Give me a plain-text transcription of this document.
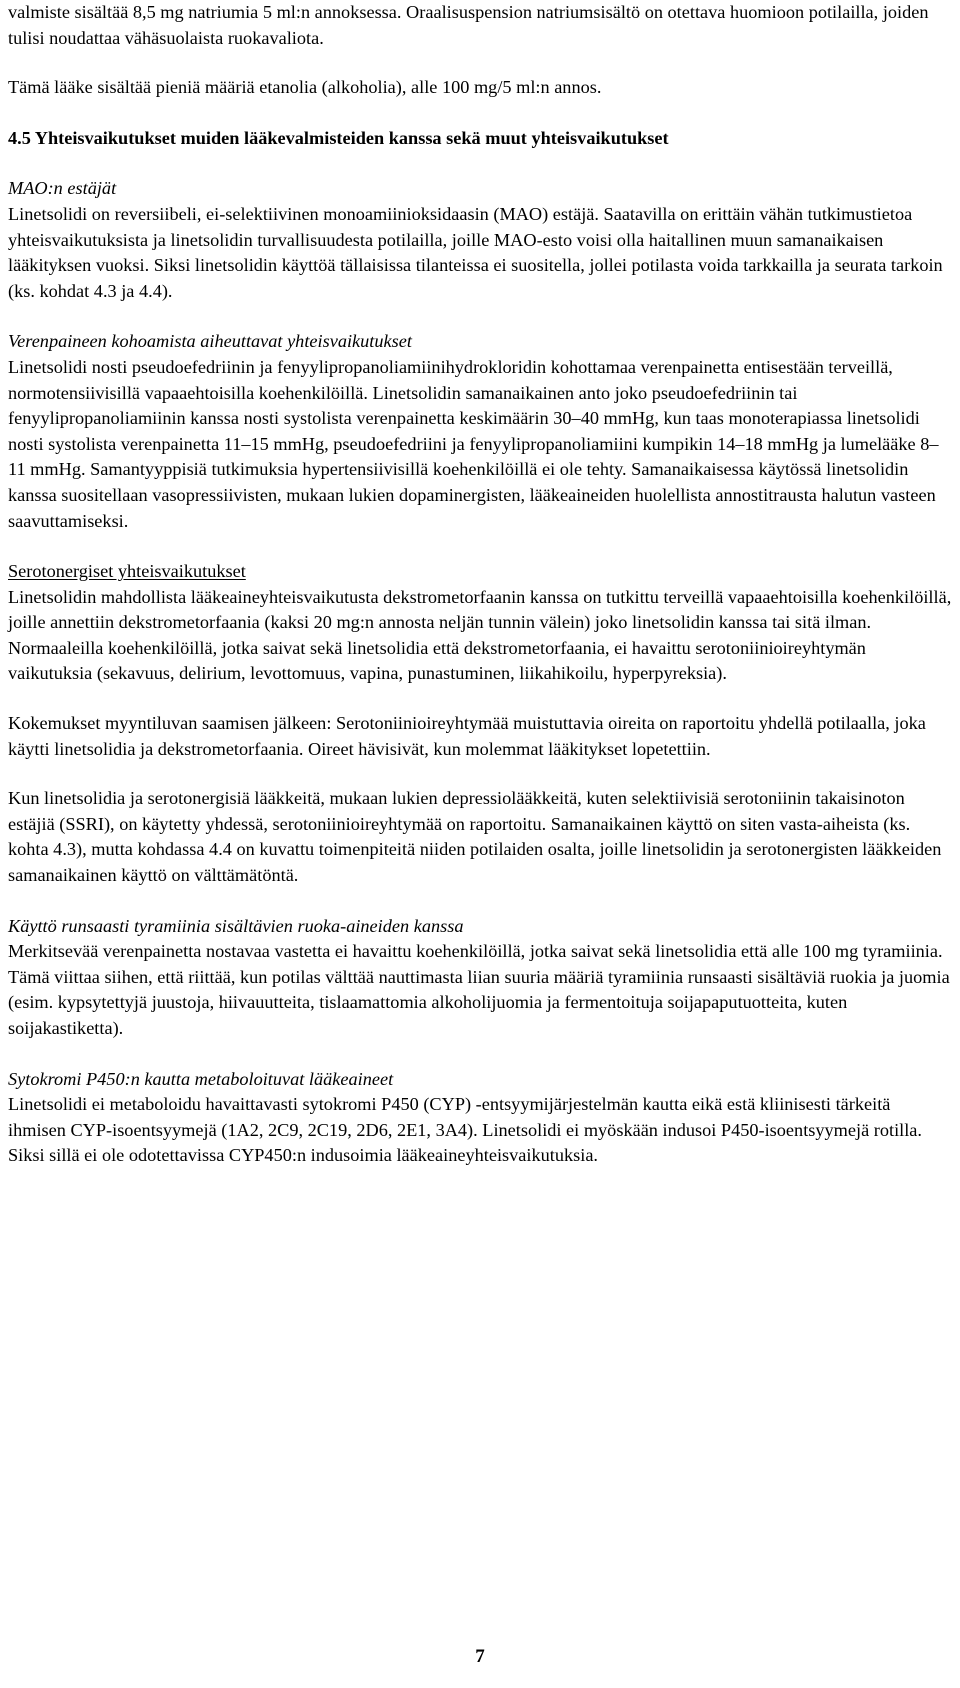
valmiste sisältää 8,5 mg natriumia 5 ml:n annoksessa. Oraalisuspension natriumsisältö on otettava huomioon potilailla, joiden tulisi noudattaa vähäsuolaista ruokavaliota.

Tämä lääke sisältää pieniä määriä etanolia (alkoholia), alle 100 mg/5 ml:n annos.

4.5 Yhteisvaikutukset muiden lääkevalmisteiden kanssa sekä muut yhteisvaikutukset

MAO:n estäjät

Linetsolidi on reversiibeli, ei-selektiivinen monoamiinioksidaasin (MAO) estäjä. Saatavilla on erittäin vähän tutkimustietoa yhteisvaikutuksista ja linetsolidin turvallisuudesta potilailla, joille MAO-esto voisi olla haitallinen muun samanaikaisen lääkityksen vuoksi. Siksi linetsolidin käyttöä tällaisissa tilanteissa ei suositella, jollei potilasta voida tarkkailla ja seurata tarkoin (ks. kohdat 4.3 ja 4.4).

Verenpaineen kohoamista aiheuttavat yhteisvaikutukset

Linetsolidi nosti pseudoefedriinin ja fenyylipropanoliamiinihydrokloridin kohottamaa verenpainetta entisestään terveillä, normotensiivisillä vapaaehtoisilla koehenkilöillä. Linetsolidin samanaikainen anto joko pseudoefedriinin tai fenyylipropanoliamiinin kanssa nosti systolista verenpainetta keskimäärin 30–40 mmHg, kun taas monoterapiassa linetsolidi nosti systolista verenpainetta 11–15 mmHg, pseudoefedriini ja fenyylipropanoliamiini kumpikin 14–18 mmHg ja lumelääke 8–11 mmHg. Samantyyppisiä tutkimuksia hypertensiivisillä koehenkilöillä ei ole tehty. Samanaikaisessa käytössä linetsolidin kanssa suositellaan vasopressiivisten, mukaan lukien dopaminergisten, lääkeaineiden huolellista annostitrausta halutun vasteen saavuttamiseksi.

Serotonergiset yhteisvaikutukset

Linetsolidin mahdollista lääkeaineyhteisvaikutusta dekstrometorfaanin kanssa on tutkittu terveillä vapaaehtoisilla koehenkilöillä, joille annettiin dekstrometorfaania (kaksi 20 mg:n annosta neljän tunnin välein) joko linetsolidin kanssa tai sitä ilman. Normaaleilla koehenkilöillä, jotka saivat sekä linetsolidia että dekstrometorfaania, ei havaittu serotoniinioireyhtymän vaikutuksia (sekavuus, delirium, levottomuus, vapina, punastuminen, liikahikoilu, hyperpyreksia).

Kokemukset myyntiluvan saamisen jälkeen: Serotoniinioireyhtymää muistuttavia oireita on raportoitu yhdellä potilaalla, joka käytti linetsolidia ja dekstrometorfaania. Oireet hävisivät, kun molemmat lääkitykset lopetettiin.

Kun linetsolidia ja serotonergisiä lääkkeitä, mukaan lukien depressiolääkkeitä, kuten selektiivisiä serotoniinin takaisinoton estäjiä (SSRI), on käytetty yhdessä, serotoniinioireyhtymää on raportoitu. Samanaikainen käyttö on siten vasta-aiheista (ks. kohta 4.3), mutta kohdassa 4.4 on kuvattu toimenpiteitä niiden potilaiden osalta, joille linetsolidin ja serotonergisten lääkkeiden samanaikainen käyttö on välttämätöntä.

Käyttö runsaasti tyramiinia sisältävien ruoka-aineiden kanssa

Merkitsevää verenpainetta nostavaa vastetta ei havaittu koehenkilöillä, jotka saivat sekä linetsolidia että alle 100 mg tyramiinia. Tämä viittaa siihen, että riittää, kun potilas välttää nauttimasta liian suuria määriä tyramiinia runsaasti sisältäviä ruokia ja juomia (esim. kypsytettyjä juustoja, hiivauutteita, tislaamattomia alkoholijuomia ja fermentoituja soijapaputuotteita, kuten soijakastiketta).

Sytokromi P450:n kautta metaboloituvat lääkeaineet

Linetsolidi ei metaboloidu havaittavasti sytokromi P450 (CYP) -entsyymijärjestelmän kautta eikä estä kliinisesti tärkeitä ihmisen CYP-isoentsyymejä (1A2, 2C9, 2C19, 2D6, 2E1, 3A4). Linetsolidi ei myöskään indusoi P450-isoentsyymejä rotilla. Siksi sillä ei ole odotettavissa CYP450:n indusoimia lääkeaineyhteisvaikutuksia.

7
